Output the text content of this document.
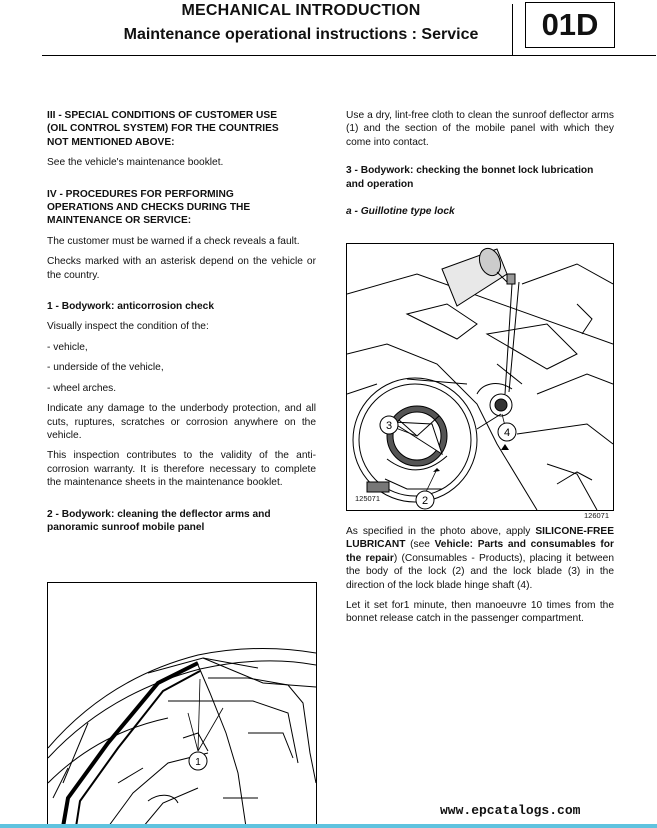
MECHANICAL INTRODUCTION
Maintenance operational instructions : Service	01D

III - SPECIAL CONDITIONS OF CUSTOMER USE

(OIL CONTROL SYSTEM) FOR THE COUNTRIES

NOT MENTIONED ABOVE:

See the vehicle's maintenance booklet.

IV - PROCEDURES FOR PERFORMING

OPERATIONS AND CHECKS DURING THE

MAINTENANCE OR SERVICE:

The customer must be warned if a check reveals a fault.

Checks marked with an asterisk depend on the vehicle or the country.

1 - Bodywork: anticorrosion check

Visually inspect the condition of the:

- vehicle,

- underside of the vehicle,

- wheel arches.

Indicate any damage to the underbody protection, and all cuts, ruptures, scratches or corrosion anywhere on the vehicle.

This inspection contributes to the validity of the anti-corrosion warranty. It is therefore necessary to complete the maintenance sheets in the maintenance booklet.

2 - Bodywork: cleaning the deflector arms and

panoramic sunroof mobile panel

1

Use a dry, lint-free cloth to clean the sunroof deflector arms (1) and the section of the mobile panel with which they come into contact.

3 - Bodywork: checking the bonnet lock lubrication

and operation

a - Guillotine type lock

3
2
4
125071
126071

As specified in the photo above, apply SILICONE-FREE LUBRICANT (see Vehicle: Parts and consumables for the repair) (Consumables - Products), placing it between the body of the lock (2) and the lock blade (3) in the direction of the lock blade hinge shaft (4).

Let it set for1 minute, then manoeuvre 10 times from the bonnet release catch in the passenger compartment.

www.epcatalogs.com
